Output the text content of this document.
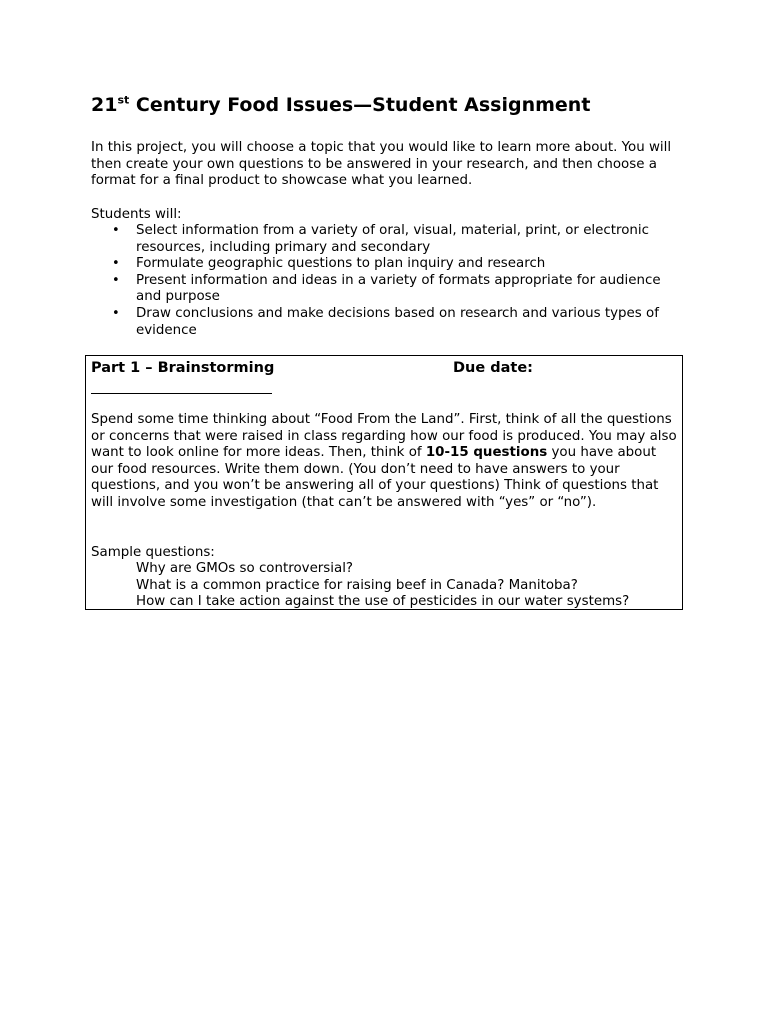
21st Century Food Issues—Student Assignment

In this project, you will choose a topic that you would like to learn more about. You will then create your own questions to be answered in your research, and then choose a format for a final product to showcase what you learned.

Students will:

• Select information from a variety of oral, visual, material, print, or electronic resources, including primary and secondary
• Formulate geographic questions to plan inquiry and research
• Present information and ideas in a variety of formats appropriate for audience and purpose
• Draw conclusions and make decisions based on research and various types of evidence
Part 1 – Brainstorming	Due date:

Spend some time thinking about “Food From the Land”. First, think of all the questions or concerns that were raised in class regarding how our food is produced. You may also want to look online for more ideas. Then, think of 10-15 questions you have about our food resources. Write them down. (You don’t need to have answers to your questions, and you won’t be answering all of your questions) Think of questions that will involve some investigation (that can’t be answered with “yes” or “no”).

Sample questions:

Why are GMOs so controversial?
What is a common practice for raising beef in Canada? Manitoba?
How can I take action against the use of pesticides in our water systems?
